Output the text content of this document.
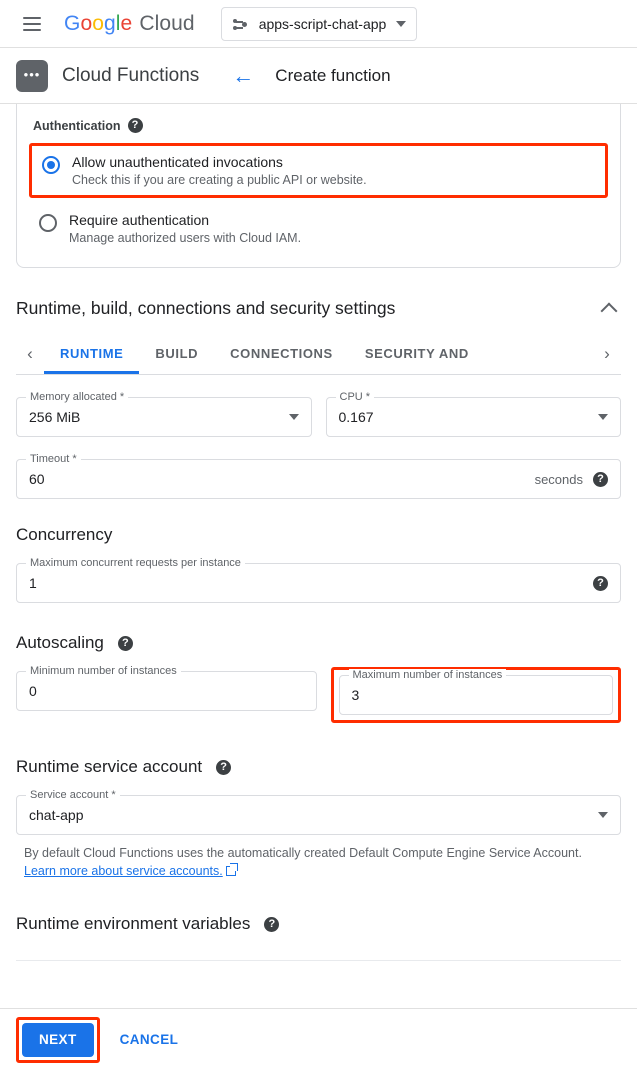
Google Cloud	apps-script-chat-app
••• Cloud Functions ← Create function
Authentication	?
Allow unauthenticated invocations
Check this if you are creating a public API or website.
Require authentication
Manage authorized users with Cloud IAM.
Runtime, build, connections and security settings
‹	RUNTIME	BUILD	CONNECTIONS	SECURITY AND	›
Memory allocated *
256 MiB
CPU *
0.167
Timeout *
60	seconds	?
Concurrency
Maximum concurrent requests per instance
1	?
Autoscaling	?
Minimum number of instances
0
Maximum number of instances
3
Runtime service account	?
Service account *
chat-app
By default Cloud Functions uses the automatically created Default Compute Engine Service Account. Learn more about service accounts.
Runtime environment variables	?
NEXT	CANCEL
